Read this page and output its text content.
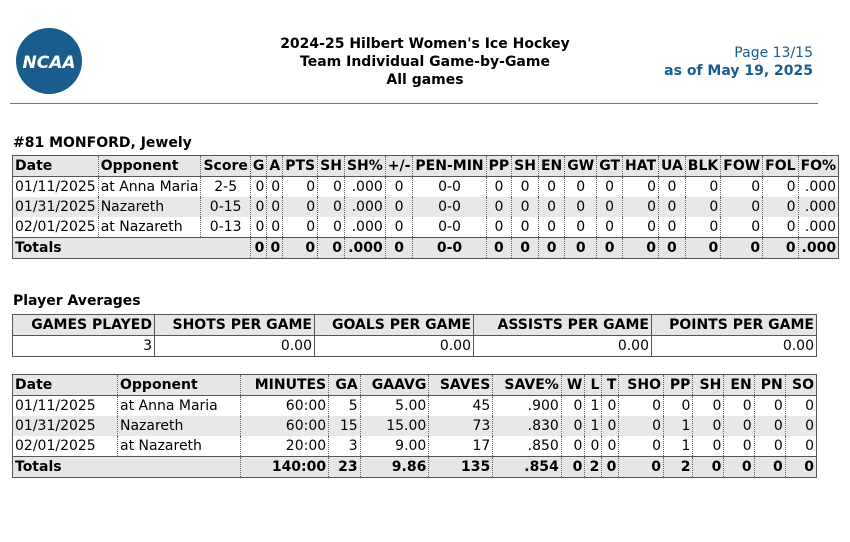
NCAA
2024-25 Hilbert Women's Ice Hockey
Team Individual Game-by-Game
All games
Page 13/15
as of May 19, 2025
#81 MONFORD, Jewely
Date	Opponent	Score	G	A	PTS	SH	SH%	+/-	PEN-MIN	PP	SH	EN	GW	GT	HAT	UA	BLK	FOW	FOL	FO%
01/11/2025	at Anna Maria	2-5	0	0	0	0	.000	0	0-0	0	0	0	0	0	0	0	0	0	0	.000
01/31/2025	Nazareth	0-15	0	0	0	0	.000	0	0-0	0	0	0	0	0	0	0	0	0	0	.000
02/01/2025	at Nazareth	0-13	0	0	0	0	.000	0	0-0	0	0	0	0	0	0	0	0	0	0	.000
Totals			0	0	0	0	.000	0	0-0	0	0	0	0	0	0	0	0	0	0	.000
Player Averages
GAMES PLAYED	SHOTS PER GAME	GOALS PER GAME	ASSISTS PER GAME	POINTS PER GAME
3	0.00	0.00	0.00	0.00
Date	Opponent	MINUTES	GA	GAAVG	SAVES	SAVE%	W	L	T	SHO	PP	SH	EN	PN	SO
01/11/2025	at Anna Maria	60:00	5	5.00	45	.900	0	1	0	0	0	0	0	0	0
01/31/2025	Nazareth	60:00	15	15.00	73	.830	0	1	0	0	1	0	0	0	0
02/01/2025	at Nazareth	20:00	3	9.00	17	.850	0	0	0	0	1	0	0	0	0
Totals		140:00	23	9.86	135	.854	0	2	0	0	2	0	0	0	0
